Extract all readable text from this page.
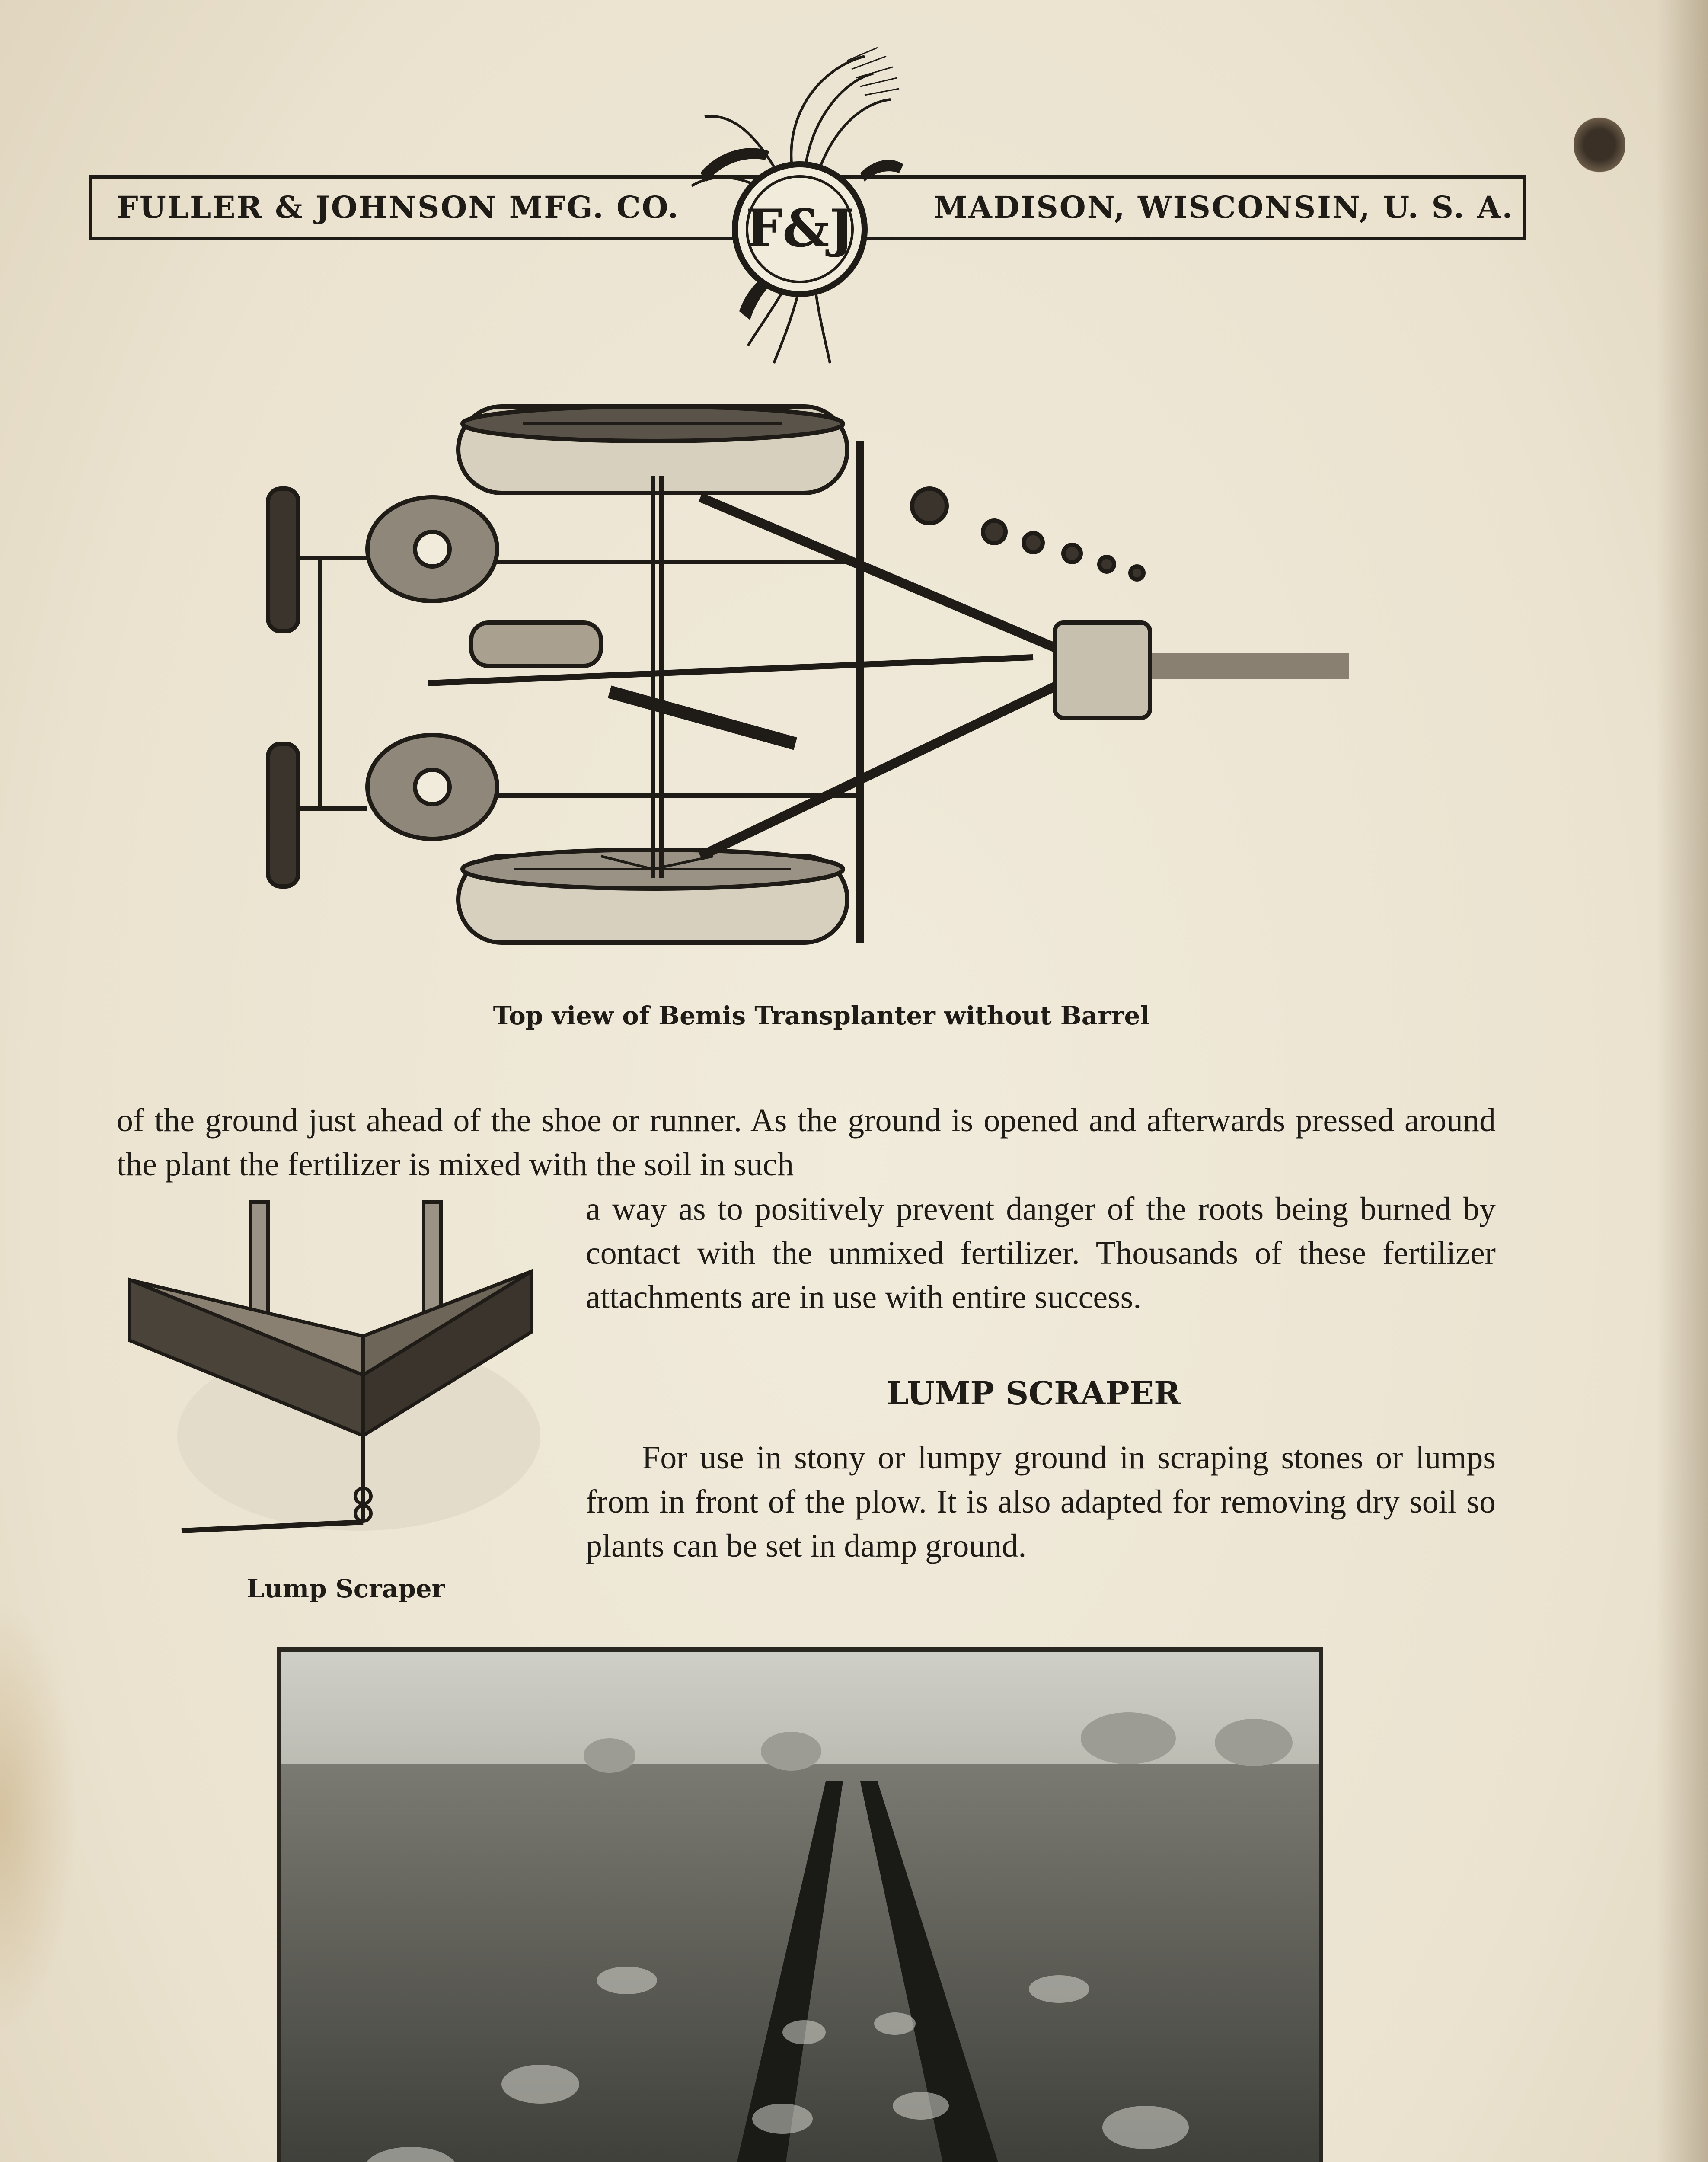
FULLER & JOHNSON MFG. CO.	MADISON, WISCONSIN, U. S. A.
F&J
Top view of Bemis Transplanter without Barrel
of the ground just ahead of the shoe or runner. As the ground is opened and afterwards pressed around the plant the fertilizer is mixed with the soil in such
a way as to positively prevent danger of the roots being burned by contact with the unmixed fertilizer. Thousands of these fertilizer attachments are in use with entire success.
LUMP SCRAPER
For use in stony or lumpy ground in scraping stones or lumps from in front of the plow. It is also adapted for removing dry soil so plants can be set in damp ground.
Lump Scraper
